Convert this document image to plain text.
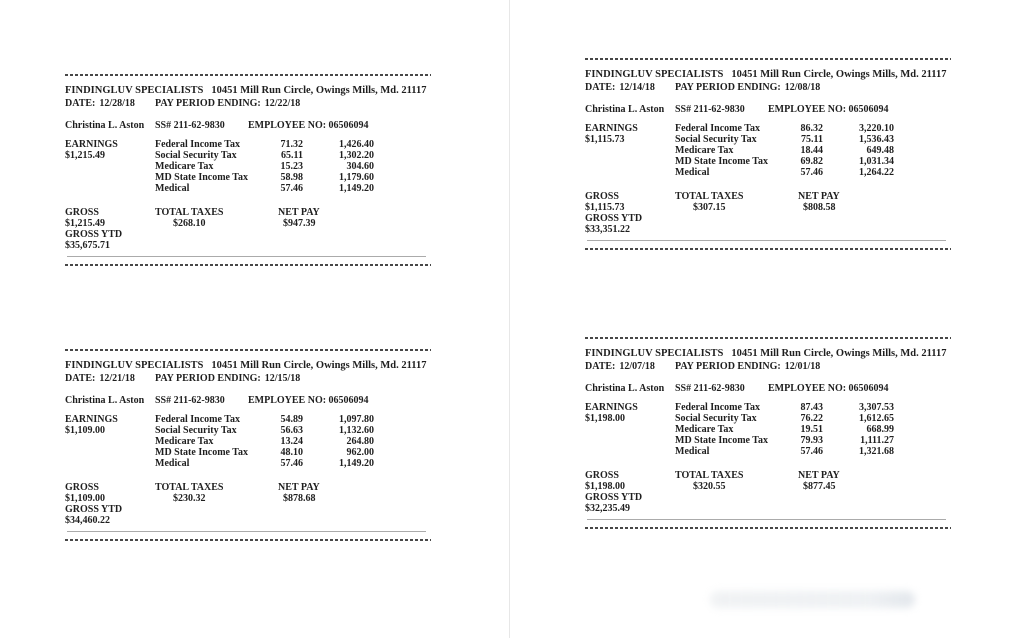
FINDINGLUV SPECIALISTS 10451 Mill Run Circle, Owings Mills, Md. 21117
DATE: 12/28/18 PAY PERIOD ENDING: 12/22/18
Christina L. Aston SS# 211-62-9830 EMPLOYEE NO: 06506094
EARNINGS
$1,215.49
Federal Income Tax	71.32	1,426.40
Social Security Tax	65.11	1,302.20
Medicare Tax	15.23	304.60
MD State Income Tax	58.98	1,179.60
Medical	57.46	1,149.20
GROSS	TOTAL TAXES	NET PAY
$1,215.49	$268.10	$947.39
GROSS YTD
$35,675.71
FINDINGLUV SPECIALISTS 10451 Mill Run Circle, Owings Mills, Md. 21117
DATE: 12/14/18 PAY PERIOD ENDING: 12/08/18
Christina L. Aston SS# 211-62-9830 EMPLOYEE NO: 06506094
EARNINGS
$1,115.73
Federal Income Tax	86.32	3,220.10
Social Security Tax	75.11	1,536.43
Medicare Tax	18.44	649.48
MD State Income Tax	69.82	1,031.34
Medical	57.46	1,264.22
GROSS	TOTAL TAXES	NET PAY
$1,115.73	$307.15	$808.58
GROSS YTD
$33,351.22
FINDINGLUV SPECIALISTS 10451 Mill Run Circle, Owings Mills, Md. 21117
DATE: 12/21/18 PAY PERIOD ENDING: 12/15/18
Christina L. Aston SS# 211-62-9830 EMPLOYEE NO: 06506094
EARNINGS
$1,109.00
Federal Income Tax	54.89	1,097.80
Social Security Tax	56.63	1,132.60
Medicare Tax	13.24	264.80
MD State Income Tax	48.10	962.00
Medical	57.46	1,149.20
GROSS	TOTAL TAXES	NET PAY
$1,109.00	$230.32	$878.68
GROSS YTD
$34,460.22
FINDINGLUV SPECIALISTS 10451 Mill Run Circle, Owings Mills, Md. 21117
DATE: 12/07/18 PAY PERIOD ENDING: 12/01/18
Christina L. Aston SS# 211-62-9830 EMPLOYEE NO: 06506094
EARNINGS
$1,198.00
Federal Income Tax	87.43	3,307.53
Social Security Tax	76.22	1,612.65
Medicare Tax	19.51	668.99
MD State Income Tax	79.93	1,111.27
Medical	57.46	1,321.68
GROSS	TOTAL TAXES	NET PAY
$1,198.00	$320.55	$877.45
GROSS YTD
$32,235.49
